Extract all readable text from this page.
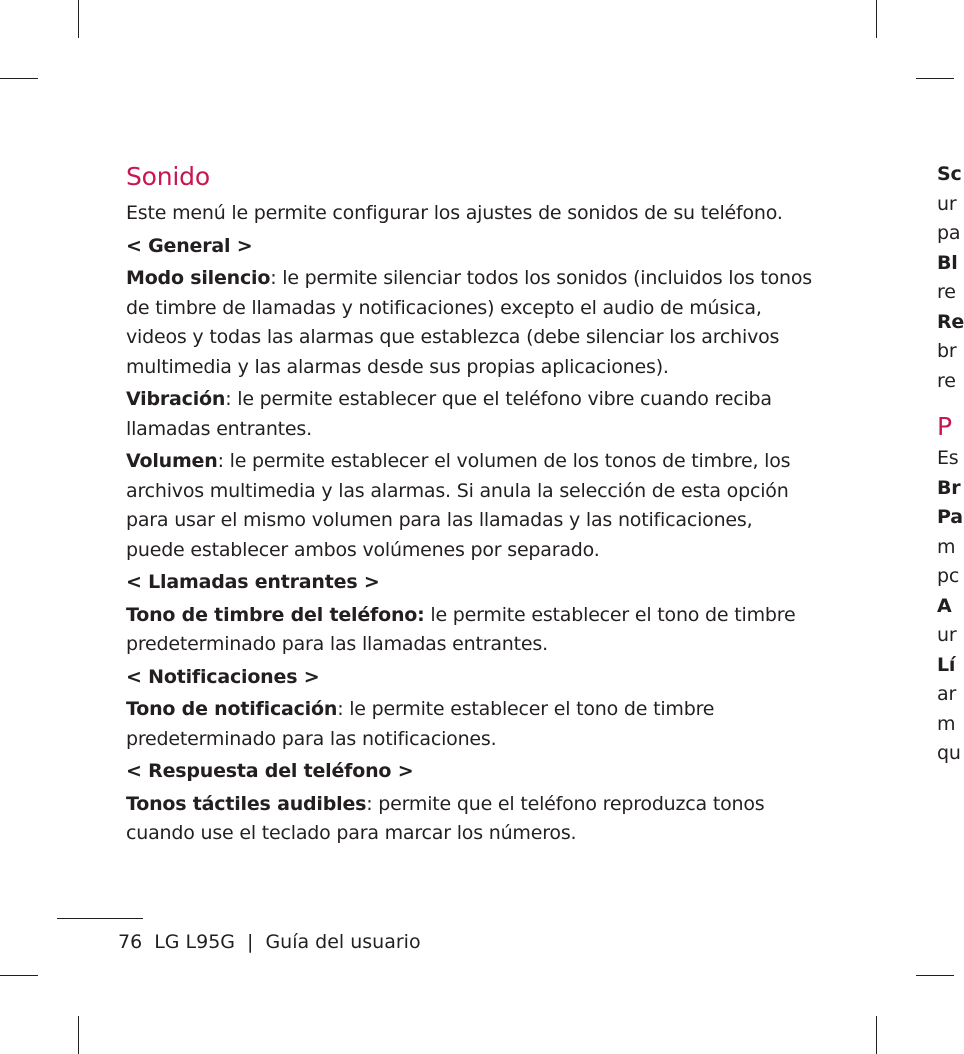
Sonido

Este menú le permite configurar los ajustes de sonidos de su teléfono.

< General >

Modo silencio: le permite silenciar todos los sonidos (incluidos los tonos de timbre de llamadas y notificaciones) excepto el audio de música, videos y todas las alarmas que establezca (debe silenciar los archivos multimedia y las alarmas desde sus propias aplicaciones).

Vibración: le permite establecer que el teléfono vibre cuando reciba llamadas entrantes.

Volumen: le permite establecer el volumen de los tonos de timbre, los archivos multimedia y las alarmas. Si anula la selección de esta opción para usar el mismo volumen para las llamadas y las notificaciones, puede establecer ambos volúmenes por separado.

< Llamadas entrantes >

Tono de timbre del teléfono: le permite establecer el tono de timbre predeterminado para las llamadas entrantes.

< Notificaciones >

Tono de notificación: le permite establecer el tono de timbre predeterminado para las notificaciones.

< Respuesta del teléfono >

Tonos táctiles audibles: permite que el teléfono reproduzca tonos cuando use el teclado para marcar los números.

Sc
ur
pa
Bl
re
Re
br
re
P
Es
Br
Pa
m
pc
A
ur
Lí
ar
m
qu
76 LG L95G | Guía del usuario
